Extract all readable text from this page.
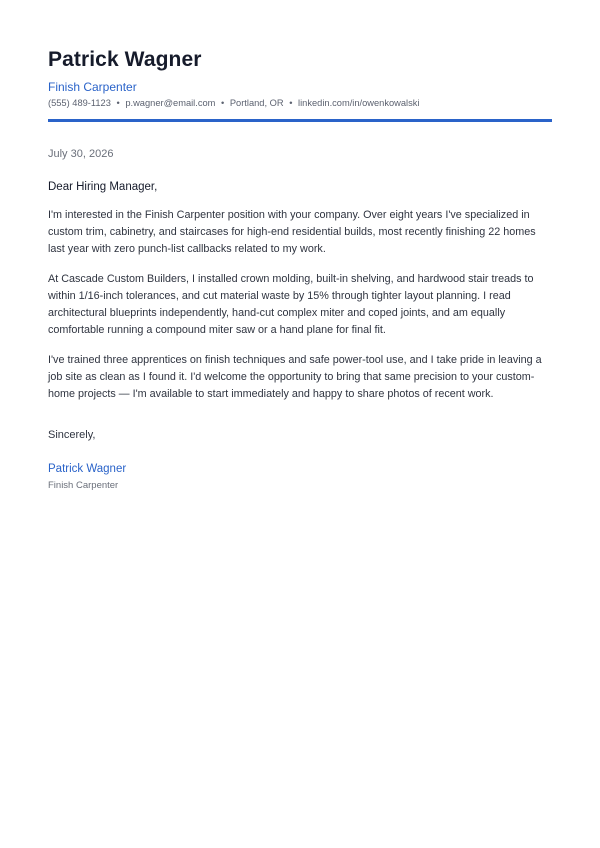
Patrick Wagner
Finish Carpenter
(555) 489-1123 • p.wagner@email.com • Portland, OR • linkedin.com/in/owenkowalski
July 30, 2026
Dear Hiring Manager,

I'm interested in the Finish Carpenter position with your company. Over eight years I've specialized in custom trim, cabinetry, and staircases for high-end residential builds, most recently finishing 22 homes last year with zero punch-list callbacks related to my work.

At Cascade Custom Builders, I installed crown molding, built-in shelving, and hardwood stair treads to within 1/16-inch tolerances, and cut material waste by 15% through tighter layout planning. I read architectural blueprints independently, hand-cut complex miter and coped joints, and am equally comfortable running a compound miter saw or a hand plane for final fit.

I've trained three apprentices on finish techniques and safe power-tool use, and I take pride in leaving a job site as clean as I found it. I'd welcome the opportunity to bring that same precision to your custom-home projects — I'm available to start immediately and happy to share photos of recent work.

Sincerely,
Patrick Wagner
Finish Carpenter
